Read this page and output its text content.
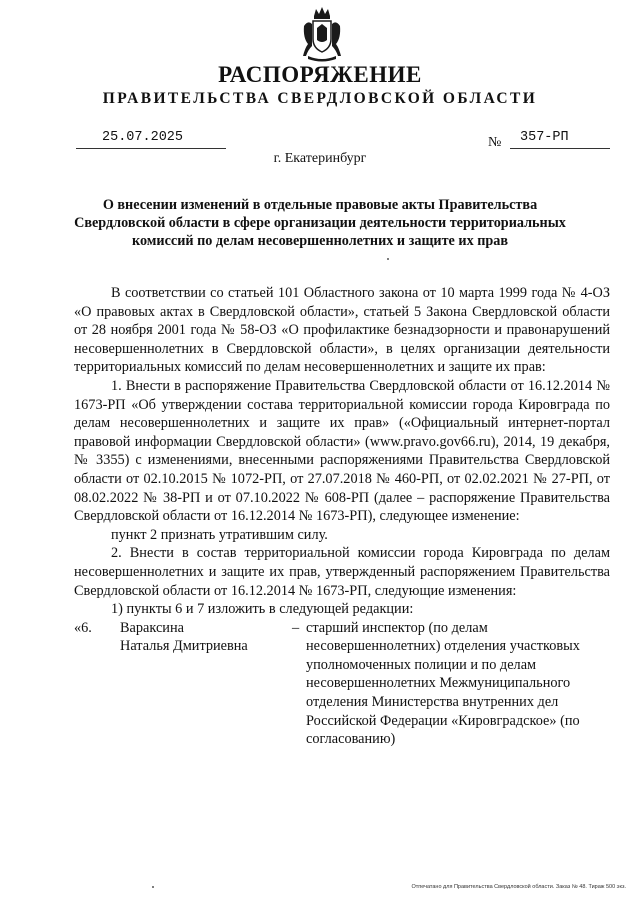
РАСПОРЯЖЕНИЕ
ПРАВИТЕЛЬСТВА СВЕРДЛОВСКОЙ ОБЛАСТИ
25.07.2025	№ 357-РП
г. Екатеринбург
О внесении изменений в отдельные правовые акты Правительства Свердловской области в сфере организации деятельности территориальных комиссий по делам несовершеннолетних и защите их прав

В соответствии со статьей 101 Областного закона от 10 марта 1999 года № 4-ОЗ «О правовых актах в Свердловской области», статьей 5 Закона Свердловской области от 28 ноября 2001 года № 58-ОЗ «О профилактике безнадзорности и правонарушений несовершеннолетних в Свердловской области», в целях организации деятельности территориальных комиссий по делам несовершеннолетних и защите их прав:

1. Внести в распоряжение Правительства Свердловской области от 16.12.2014 № 1673-РП «Об утверждении состава территориальной комиссии города Кировграда по делам несовершеннолетних и защите их прав» («Официальный интернет-портал правовой информации Свердловской области» (www.pravo.gov66.ru), 2014, 19 декабря, № 3355) с изменениями, внесенными распоряжениями Правительства Свердловской области от 02.10.2015 № 1072-РП, от 27.07.2018 № 460-РП, от 02.02.2021 № 27-РП, от 08.02.2022 № 38-РП и от 07.10.2022 № 608-РП (далее – распоряжение Правительства Свердловской области от 16.12.2014 № 1673-РП), следующее изменение:

пункт 2 признать утратившим силу.

2. Внести в состав территориальной комиссии города Кировграда по делам несовершеннолетних и защите их прав, утвержденный распоряжением Правительства Свердловской области от 16.12.2014 № 1673-РП, следующие изменения:

1) пункты 6 и 7 изложить в следующей редакции:

«6.	Вараксина
Наталья Дмитриевна
– старший инспектор (по делам несовершеннолетних) отделения участковых уполномоченных полиции и по делам несовершеннолетних Межмуниципального отделения Министерства внутренних дел Российской Федерации «Кировградское» (по согласованию)
Отпечатано для Правительства Свердловской области. Заказ № 48. Тираж 500 экз.
